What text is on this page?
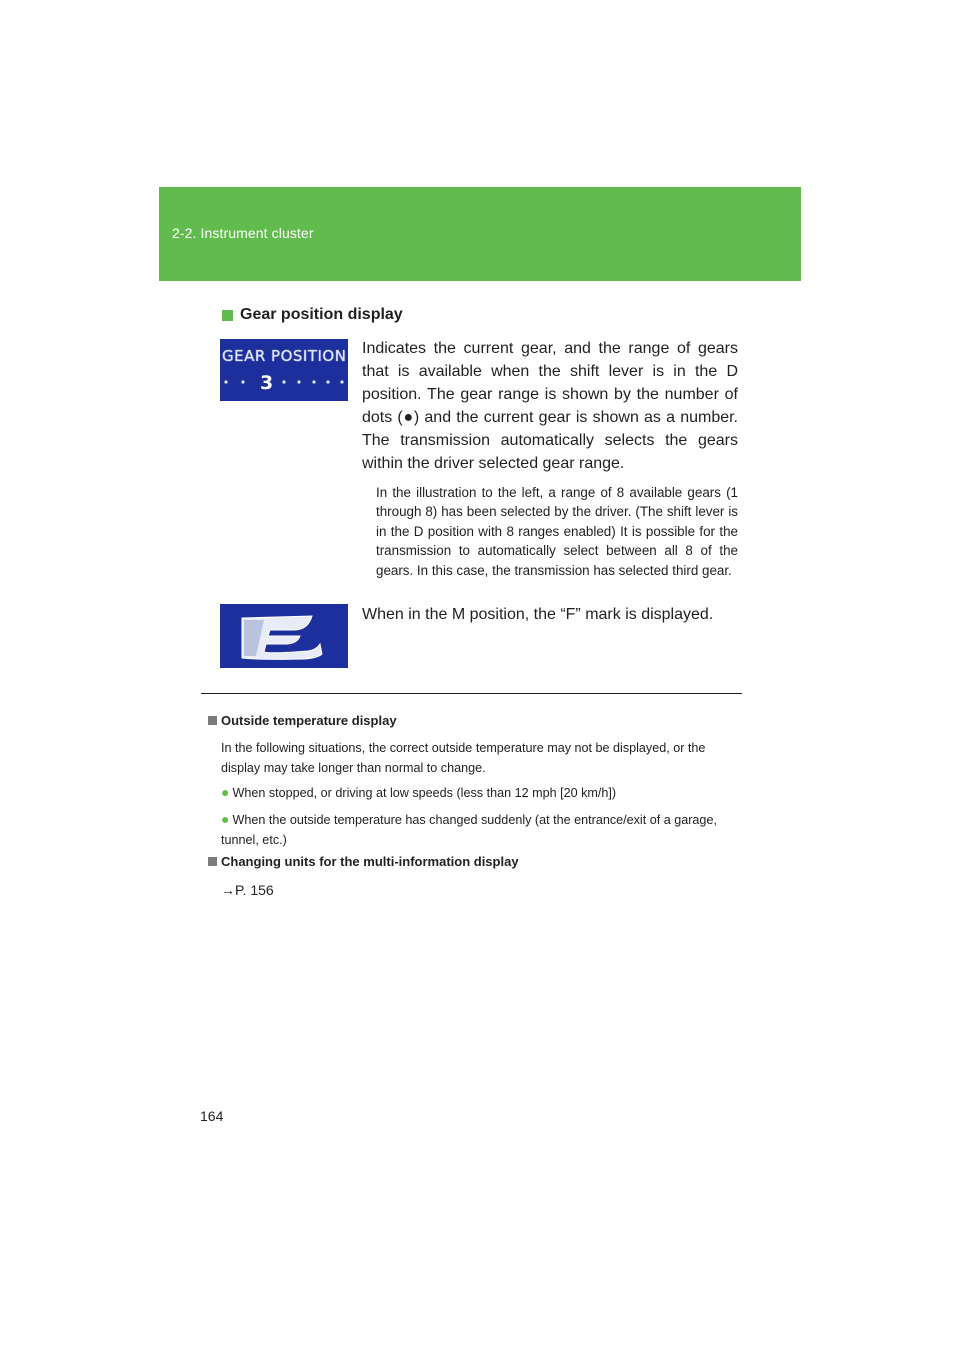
2-2. Instrument cluster
Gear position display
GEAR POSITION
3
Indicates the current gear, and the range of gears that is available when the shift lever is in the D position. The gear range is shown by the number of dots (●) and the current gear is shown as a number. The transmission automatically selects the gears within the driver selected gear range.
In the illustration to the left, a range of 8 available gears (1 through 8) has been selected by the driver. (The shift lever is in the D position with 8 ranges enabled) It is possible for the transmission to automatically select between all 8 of the gears. In this case, the transmission has selected third gear.
When in the M position, the “F” mark is displayed.
Outside temperature display
In the following situations, the correct outside temperature may not be displayed, or the display may take longer than normal to change.
● When stopped, or driving at low speeds (less than 12 mph [20 km/h])
● When the outside temperature has changed suddenly (at the entrance/exit of a garage, tunnel, etc.)
Changing units for the multi-information display
→P. 156
164
